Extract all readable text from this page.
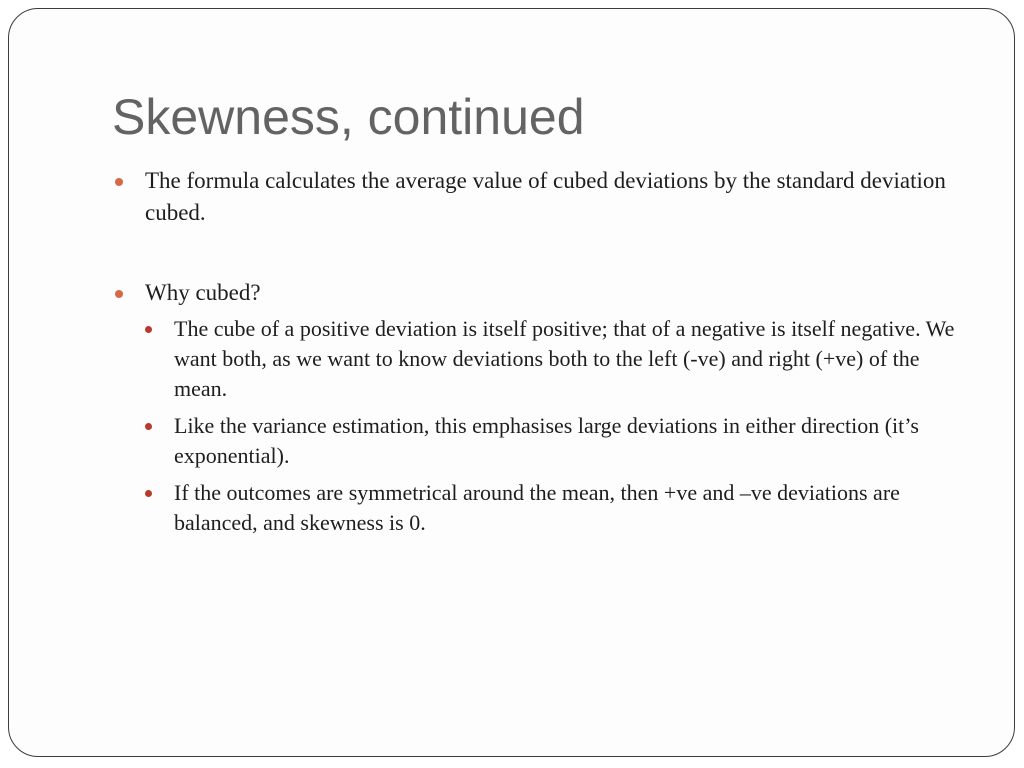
Skewness, continued
The formula calculates the average value of cubed deviations by the standard deviation cubed.
Why cubed?
The cube of a positive deviation is itself positive; that of a negative is itself negative. We want both, as we want to know deviations both to the left (-ve) and right (+ve) of the mean.
Like the variance estimation, this emphasises large deviations in either direction (it’s exponential).
If the outcomes are symmetrical around the mean, then +ve and –ve deviations are balanced, and skewness is 0.
